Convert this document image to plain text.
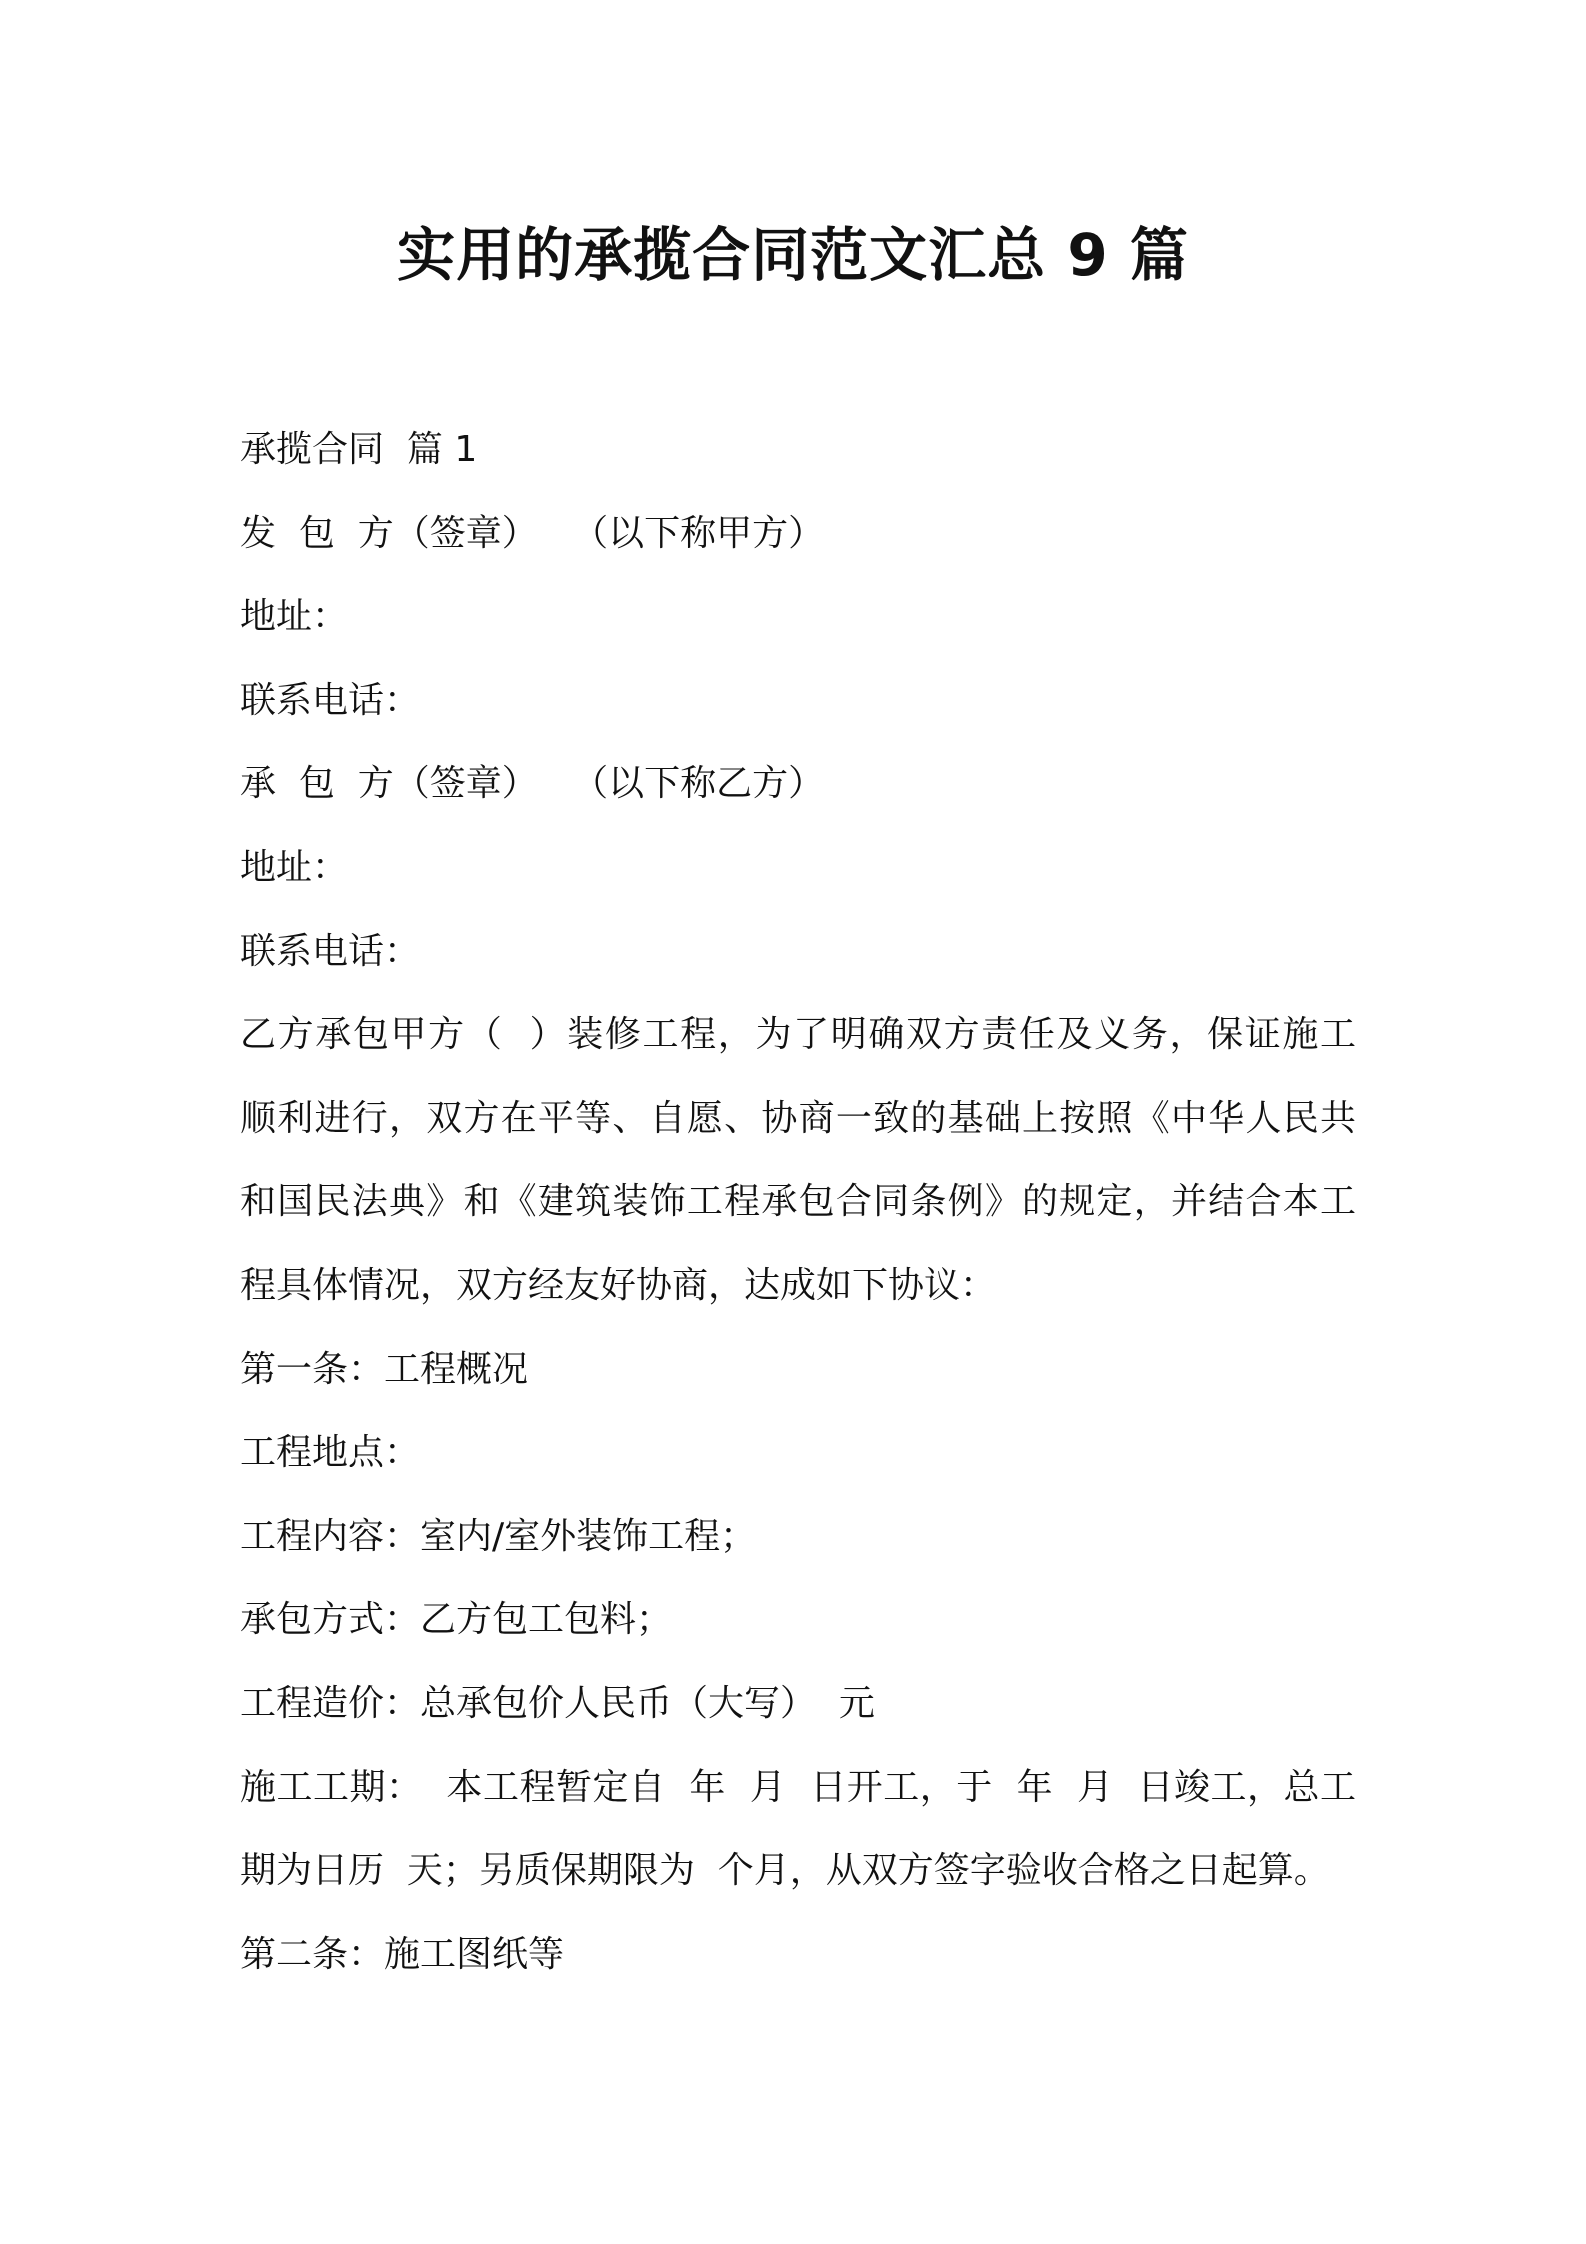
实用的承揽合同范文汇总 9 篇

承揽合同  篇 1

发  包  方（签章）   （以下称甲方）

地址：

联系电话：

承  包  方（签章）   （以下称乙方）

地址：

联系电话：

乙方承包甲方（  ）装修工程，为了明确双方责任及义务，保证施工
顺利进行，双方在平等、自愿、协商一致的基础上按照《中华人民共
和国民法典》和《建筑装饰工程承包合同条例》的规定，并结合本工
程具体情况，双方经友好协商，达成如下协议：

第一条：工程概况

工程地点：

工程内容：室内/室外装饰工程；

承包方式：乙方包工包料；

工程造价：总承包价人民币（大写）  元

施工工期：  本工程暂定自  年  月  日开工，于  年  月  日竣工，总工
期为日历  天；另质保期限为  个月，从双方签字验收合格之日起算。

第二条：施工图纸等
